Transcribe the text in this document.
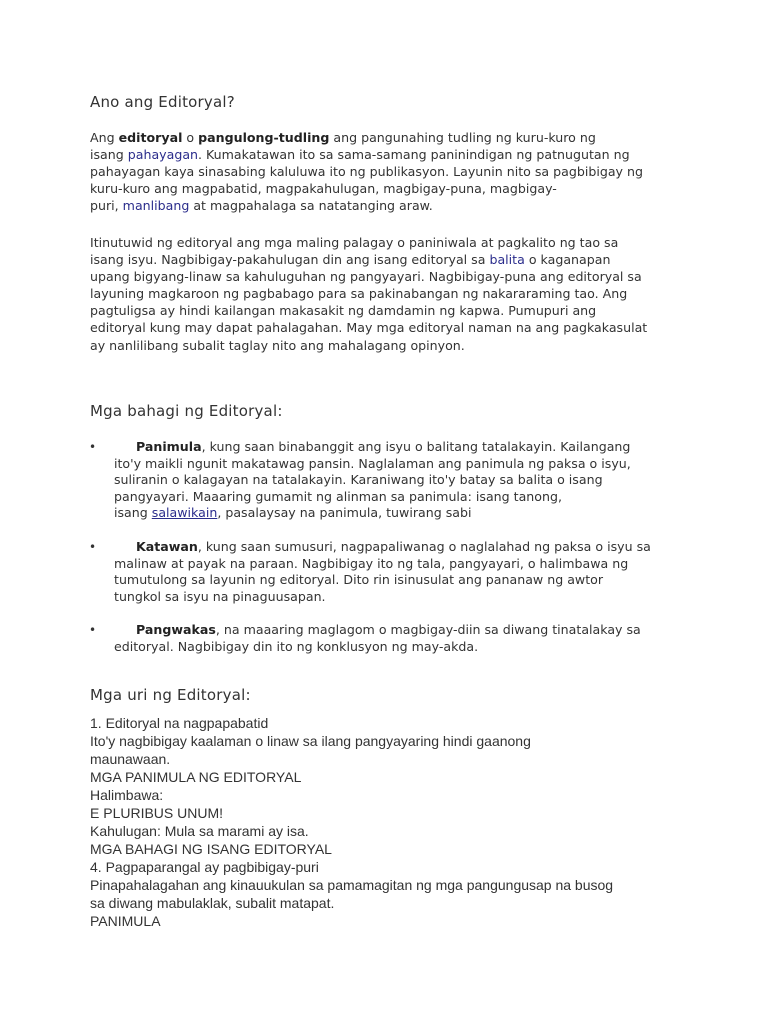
Ano ang Editoryal?
Ang editoryal o pangulong-tudling ang pangunahing tudling ng kuru-kuro ng
isang pahayagan. Kumakatawan ito sa sama-samang paninindigan ng patnugutan ng
pahayagan kaya sinasabing kaluluwa ito ng publikasyon. Layunin nito sa pagbibigay ng
kuru-kuro ang magpabatid, magpakahulugan, magbigay-puna, magbigay-
puri, manlibang at magpahalaga sa natatanging araw.
Itinutuwid ng editoryal ang mga maling palagay o paniniwala at pagkalito ng tao sa
isang isyu. Nagbibigay-pakahulugan din ang isang editoryal sa balita o kaganapan
upang bigyang-linaw sa kahuluguhan ng pangyayari. Nagbibigay-puna ang editoryal sa
layuning magkaroon ng pagbabago para sa pakinabangan ng nakararaming tao. Ang
pagtuligsa ay hindi kailangan makasakit ng damdamin ng kapwa. Pumupuri ang
editoryal kung may dapat pahalagahan. May mga editoryal naman na ang pagkakasulat
ay nanlilibang subalit taglay nito ang mahalagang opinyon.
Mga bahagi ng Editoryal:
•	Panimula, kung saan binabanggit ang isyu o balitang tatalakayin. Kailangang
ito'y maikli ngunit makatawag pansin. Naglalaman ang panimula ng paksa o isyu,
suliranin o kalagayan na tatalakayin. Karaniwang ito'y batay sa balita o isang
pangyayari. Maaaring gumamit ng alinman sa panimula: isang tanong,
isang salawikain, pasalaysay na panimula, tuwirang sabi
•	Katawan, kung saan sumusuri, nagpapaliwanag o naglalahad ng paksa o isyu sa
malinaw at payak na paraan. Nagbibigay ito ng tala, pangyayari, o halimbawa ng
tumutulong sa layunin ng editoryal. Dito rin isinusulat ang pananaw ng awtor
tungkol sa isyu na pinaguusapan.
•	Pangwakas, na maaaring maglagom o magbigay-diin sa diwang tinatalakay sa
editoryal. Nagbibigay din ito ng konklusyon ng may-akda.
Mga uri ng Editoryal:
1. Editoryal na nagpapabatid
Ito'y nagbibigay kaalaman o linaw sa ilang pangyayaring hindi gaanong
maunawaan.
MGA PANIMULA NG EDITORYAL
Halimbawa:
E PLURIBUS UNUM!
Kahulugan: Mula sa marami ay isa.
MGA BAHAGI NG ISANG EDITORYAL
4. Pagpaparangal ay pagbibigay-puri
Pinapahalagahan ang kinauukulan sa pamamagitan ng mga pangungusap na busog
sa diwang mabulaklak, subalit matapat.
PANIMULA
